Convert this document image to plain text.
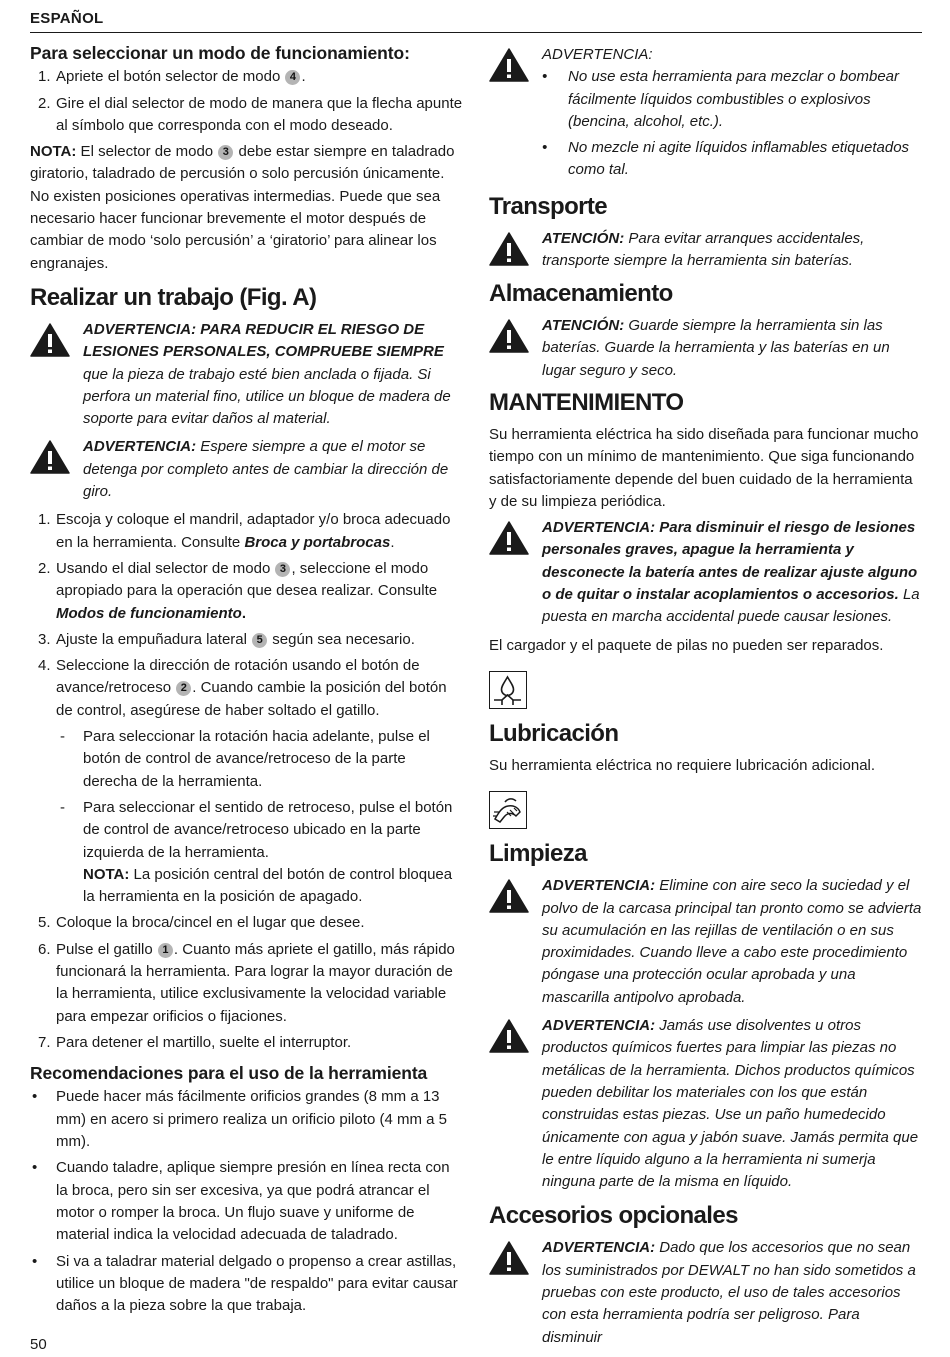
ESPAÑOL
Para seleccionar un modo de funcionamiento:
1. Apriete el botón selector de modo 4 .
2. Gire el dial selector de modo de manera que la flecha apunte al símbolo que corresponda con el modo deseado.

NOTA: El selector de modo 3 debe estar siempre en taladrado giratorio, taladrado de percusión o solo percusión únicamente. No existen posiciones operativas intermedias. Puede que sea necesario hacer funcionar brevemente el motor después de cambiar de modo ‘solo percusión’ a ‘giratorio’ para alinear los engranajes.

Realizar un trabajo (Fig. A)
ADVERTENCIA: PARA REDUCIR EL RIESGO DE LESIONES PERSONALES, COMPRUEBE SIEMPRE que la pieza de trabajo esté bien anclada o fijada. Si perfora un material fino, utilice un bloque de madera de soporte para evitar daños al material.
ADVERTENCIA: Espere siempre a que el motor se detenga por completo antes de cambiar la dirección de giro.
1. Escoja y coloque el mandril, adaptador y/o broca adecuado en la herramienta. Consulte Broca y portabrocas.
2. Usando el dial selector de modo 3 , seleccione el modo apropiado para la operación que desea realizar. Consulte Modos de funcionamiento.
3. Ajuste la empuñadura lateral 5 según sea necesario.
4. Seleccione la dirección de rotación usando el botón de avance/retroceso 2 . Cuando cambie la posición del botón de control, asegúrese de haber soltado el gatillo.
- Para seleccionar la rotación hacia adelante, pulse el botón de control de avance/retroceso de la parte derecha de la herramienta.
- Para seleccionar el sentido de retroceso, pulse el botón de control de avance/retroceso ubicado en la parte izquierda de la herramienta.
NOTA: La posición central del botón de control bloquea la herramienta en la posición de apagado.
5. Coloque la broca/cincel en el lugar que desee.
6. Pulse el gatillo 1 . Cuanto más apriete el gatillo, más rápido funcionará la herramienta. Para lograr la mayor duración de la herramienta, utilice exclusivamente la velocidad variable para empezar orificios o fijaciones.
7. Para detener el martillo, suelte el interruptor.
Recomendaciones para el uso de la herramienta
• Puede hacer más fácilmente orificios grandes (8 mm a 13 mm) en acero si primero realiza un orificio piloto (4 mm a 5 mm).
• Cuando taladre, aplique siempre presión en línea recta con la broca, pero sin ser excesiva, ya que podrá atrancar el motor o romper la broca. Un flujo suave y uniforme de material indica la velocidad adecuada de taladrado.
• Si va a taladrar material delgado o propenso a crear astillas, utilice un bloque de madera "de respaldo" para evitar causar daños a la pieza sobre la que trabaja.
ADVERTENCIA:
• No use esta herramienta para mezclar o bombear fácilmente líquidos combustibles o explosivos (bencina, alcohol, etc.).
• No mezcle ni agite líquidos inflamables etiquetados como tal.
Transporte
ATENCIÓN: Para evitar arranques accidentales, transporte siempre la herramienta sin baterías.
Almacenamiento
ATENCIÓN: Guarde siempre la herramienta sin las baterías. Guarde la herramienta y las baterías en un lugar seguro y seco.
MANTENIMIENTO

Su herramienta eléctrica ha sido diseñada para funcionar mucho tiempo con un mínimo de mantenimiento. Que siga funcionando satisfactoriamente depende del buen cuidado de la herramienta y de su limpieza periódica.

ADVERTENCIA: Para disminuir el riesgo de lesiones personales graves, apague la herramienta y desconecte la batería antes de realizar ajuste alguno o de quitar o instalar acoplamientos o accesorios. La puesta en marcha accidental puede causar lesiones.

El cargador y el paquete de pilas no pueden ser reparados.

Lubricación

Su herramienta eléctrica no requiere lubricación adicional.

Limpieza
ADVERTENCIA: Elimine con aire seco la suciedad y el polvo de la carcasa principal tan pronto como se advierta su acumulación en las rejillas de ventilación o en sus proximidades. Cuando lleve a cabo este procedimiento póngase una protección ocular aprobada y una mascarilla antipolvo aprobada.
ADVERTENCIA: Jamás use disolventes u otros productos químicos fuertes para limpiar las piezas no metálicas de la herramienta. Dichos productos químicos pueden debilitar los materiales con los que están construidas estas piezas. Use un paño humedecido únicamente con agua y jabón suave. Jamás permita que le entre líquido alguno a la herramienta ni sumerja ninguna parte de la misma en líquido.
Accesorios opcionales
ADVERTENCIA: Dado que los accesorios que no sean los suministrados por DEWALT no han sido sometidos a pruebas con este producto, el uso de tales accesorios con esta herramienta podría ser peligroso. Para disminuir
50
